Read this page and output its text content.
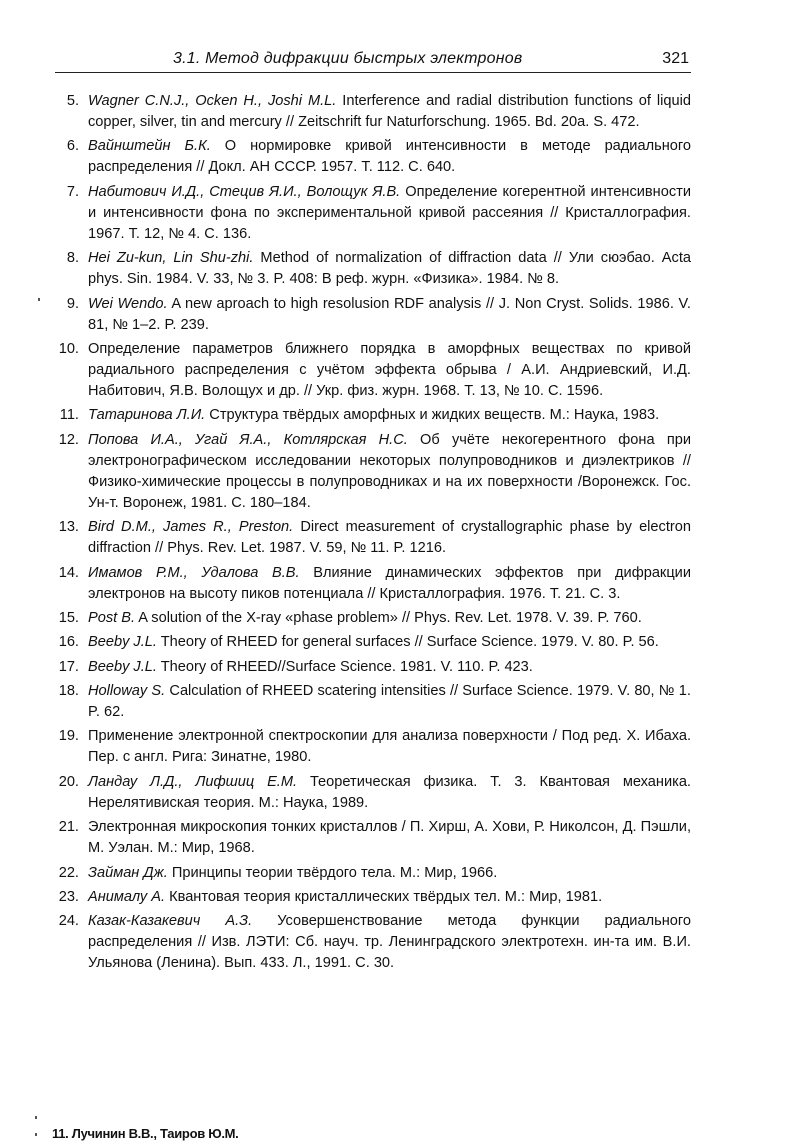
3.1. Метод дифракции быстрых электронов	321
5. Wagner C.N.J., Ocken H., Joshi M.L. Interference and radial distribution functions of liquid copper, silver, tin and mercury // Zeitschrift fur Naturforschung. 1965. Bd. 20a. S. 472.
6. Вайнштейн Б.К. О нормировке кривой интенсивности в методе радиального распределения // Докл. АН СССР. 1957. Т. 112. С. 640.
7. Набитович И.Д., Стецив Я.И., Волощук Я.В. Определение когерентной интенсивности и интенсивности фона по экспериментальной кривой рассеяния // Кристаллография. 1967. Т. 12, № 4. С. 136.
8. Hei Zu-kun, Lin Shu-zhi. Method of normalization of diffraction data // Ули сюэбао. Acta phys. Sin. 1984. V. 33, № 3. P. 408: В реф. журн. «Физика». 1984. № 8.
9. Wei Wendo. A new aproach to high resolusion RDF analysis // J. Non Cryst. Solids. 1986. V. 81, № 1–2. P. 239.
10. Определение параметров ближнего порядка в аморфных веществах по кривой радиального распределения с учётом эффекта обрыва / А.И. Андриевский, И.Д. Набитович, Я.В. Волощух и др. // Укр. физ. журн. 1968. Т. 13, № 10. С. 1596.
11. Татаринова Л.И. Структура твёрдых аморфных и жидких веществ. М.: Наука, 1983.
12. Попова И.А., Угай Я.А., Котлярская Н.С. Об учёте некогерентного фона при электронографическом исследовании некоторых полупроводников и диэлектриков // Физико-химические процессы в полупроводниках и на их поверхности /Воронежск. Гос. Ун-т. Воронеж, 1981. С. 180–184.
13. Bird D.M., James R., Preston. Direct measurement of crystallographic phase by electron diffraction // Phys. Rev. Let. 1987. V. 59, № 11. P. 1216.
14. Имамов Р.М., Удалова В.В. Влияние динамических эффектов при дифракции электронов на высоту пиков потенциала // Кристаллография. 1976. Т. 21. С. 3.
15. Post B. A solution of the X-ray «phase problem» // Phys. Rev. Let. 1978. V. 39. P. 760.
16. Beeby J.L. Theory of RHEED for general surfaces // Surface Science. 1979. V. 80. P. 56.
17. Beeby J.L. Theory of RHEED//Surface Science. 1981. V. 110. P. 423.
18. Holloway S. Calculation of RHEED scatering intensities // Surface Science. 1979. V. 80, № 1. P. 62.
19. Применение электронной спектроскопии для анализа поверхности / Под ред. Х. Ибаха. Пер. с англ. Рига: Зинатне, 1980.
20. Ландау Л.Д., Лифшиц Е.М. Теоретическая физика. Т. 3. Квантовая механика. Нерелятивиская теория. М.: Наука, 1989.
21. Электронная микроскопия тонких кристаллов / П. Хирш, А. Хови, Р. Николсон, Д. Пэшли, М. Уэлан. М.: Мир, 1968.
22. Займан Дж. Принципы теории твёрдого тела. М.: Мир, 1966.
23. Анималу А. Квантовая теория кристаллических твёрдых тел. М.: Мир, 1981.
24. Казак-Казакевич А.З. Усовершенствование метода функции радиального распределения // Изв. ЛЭТИ: Сб. науч. тр. Ленинградского электротехн. ин-та им. В.И. Ульянова (Ленина). Вып. 433. Л., 1991. С. 30.
11. Лучинин В.В., Таиров Ю.М.
